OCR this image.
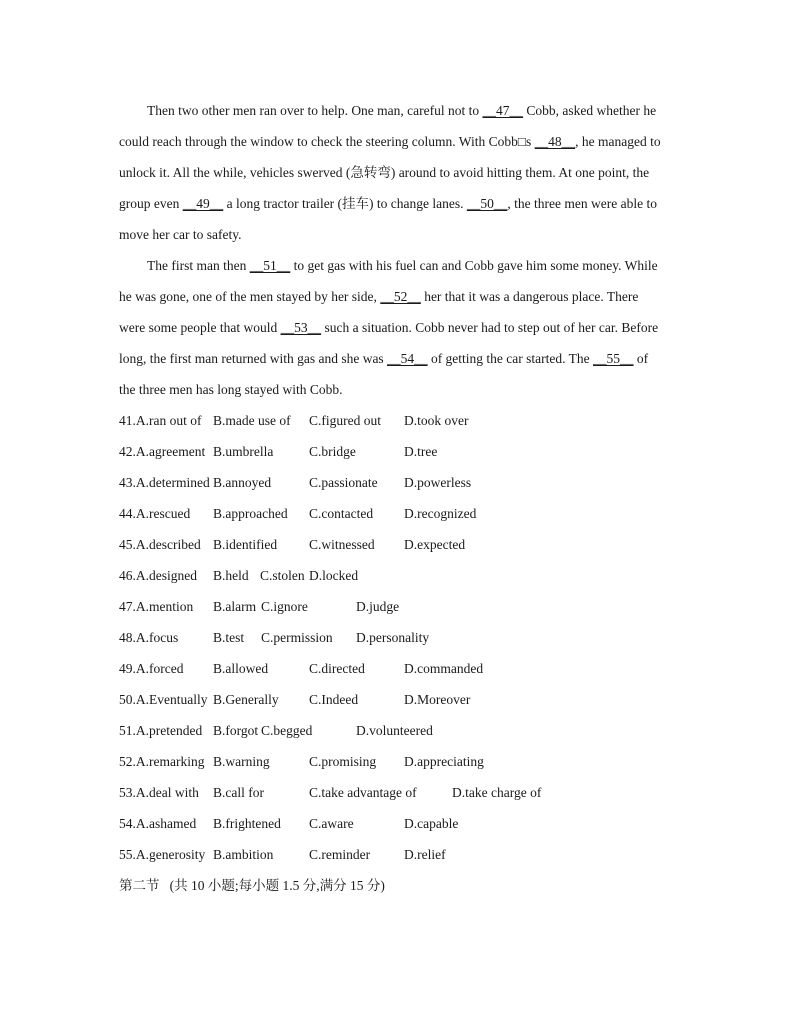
Then two other men ran over to help. One man, careful not to __47__ Cobb, asked whether he
could reach through the window to check the steering column. With Cobb□s __48__, he managed to
unlock it. All the while, vehicles swerved (急转弯) around to avoid hitting them. At one point, the
group even __49__ a long tractor trailer (挂车) to change lanes. __50__, the three men were able to
move her car to safety.
The first man then __51__ to get gas with his fuel can and Cobb gave him some money. While
he was gone, one of the men stayed by her side, __52__ her that it was a dangerous place. There
were some people that would __53__ such a situation. Cobb never had to step out of her car. Before
long, the first man returned with gas and she was __54__ of getting the car started. The __55__ of
the three men has long stayed with Cobb.
41.A.ran out of B.made use of C.figured out D.took over
42.A.agreement B.umbrella	C.bridge	D.tree
43.A.determined B.annoyed	C.passionate D.powerless
44.A.rescued B.approached C.contacted D.recognized
45.A.described B.identified C.witnessed D.expected
46.A.designed B.held C.stolen D.locked
47.A.mention B.alarm C.ignore	D.judge
48.A.focus	B.test C.permission D.personality
49.A.forced B.allowed	C.directed	D.commanded
50.A.Eventually B.Generally C.Indeed	D.Moreover
51.A.pretended B.forgot C.begged	D.volunteered
52.A.remarking B.warning	C.promising D.appreciating
53.A.deal with B.call for	C.take advantage of	D.take charge of
54.A.ashamed B.frightened C.aware	D.capable
55.A.generosity B.ambition	C.reminder	D.relief
第二节   (共 10 小题;每小题 1.5 分,满分 15 分)
